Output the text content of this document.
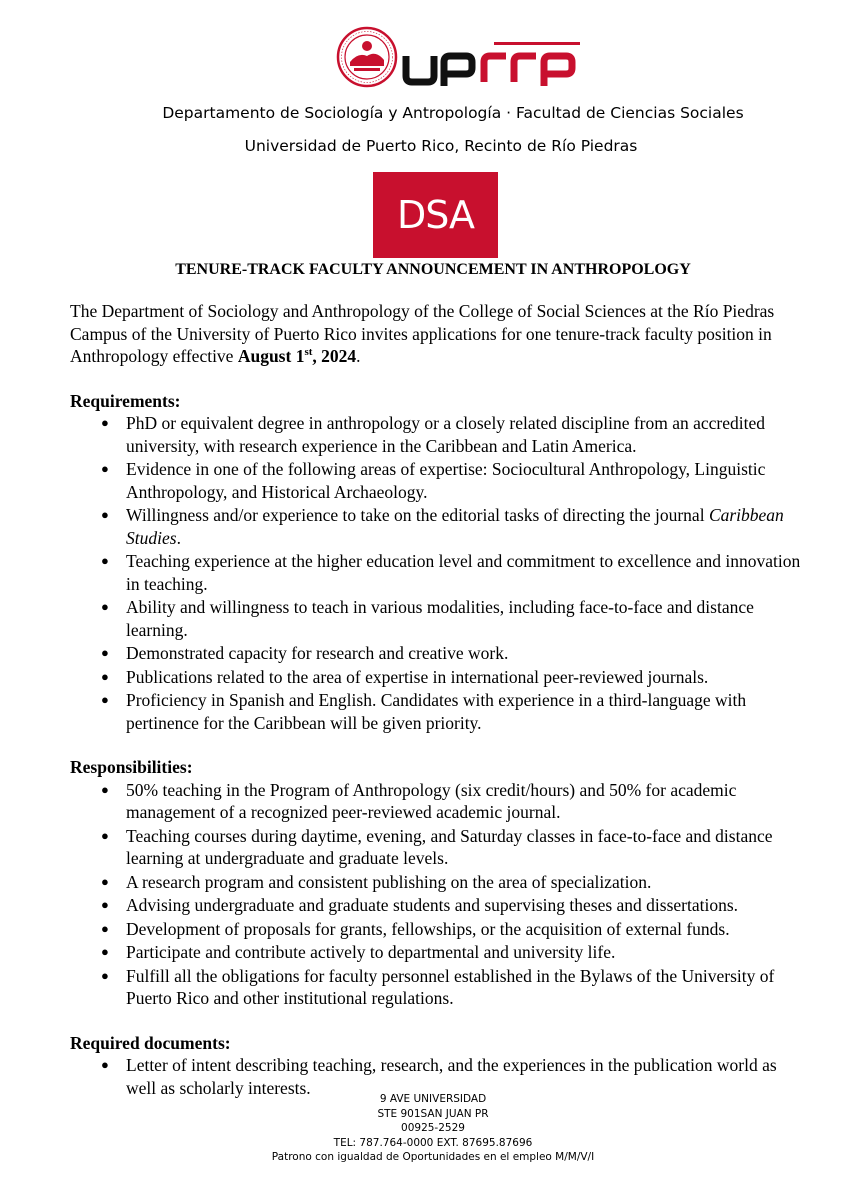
Departamento de Sociología y Antropología · Facultad de Ciencias Sociales
Universidad de Puerto Rico, Recinto de Río Piedras
DSA
TENURE-TRACK FACULTY ANNOUNCEMENT IN ANTHROPOLOGY

The Department of Sociology and Anthropology of the College of Social Sciences at the Río Piedras Campus of the University of Puerto Rico invites applications for one tenure-track faculty position in Anthropology effective August 1st, 2024.

Requirements:

● PhD or equivalent degree in anthropology or a closely related discipline from an accredited university, with research experience in the Caribbean and Latin America.
● Evidence in one of the following areas of expertise: Sociocultural Anthropology, Linguistic Anthropology, and Historical Archaeology.
● Willingness and/or experience to take on the editorial tasks of directing the journal Caribbean Studies.
● Teaching experience at the higher education level and commitment to excellence and innovation in teaching.
● Ability and willingness to teach in various modalities, including face-to-face and distance learning.
● Demonstrated capacity for research and creative work.
● Publications related to the area of expertise in international peer-reviewed journals.
● Proficiency in Spanish and English. Candidates with experience in a third-language with pertinence for the Caribbean will be given priority.

Responsibilities:

● 50% teaching in the Program of Anthropology (six credit/hours) and 50% for academic management of a recognized peer-reviewed academic journal.
● Teaching courses during daytime, evening, and Saturday classes in face-to-face and distance learning at undergraduate and graduate levels.
● A research program and consistent publishing on the area of specialization.
● Advising undergraduate and graduate students and supervising theses and dissertations.
● Development of proposals for grants, fellowships, or the acquisition of external funds.
● Participate and contribute actively to departmental and university life.
● Fulfill all the obligations for faculty personnel established in the Bylaws of the University of Puerto Rico and other institutional regulations.

Required documents:

● Letter of intent describing teaching, research, and the experiences in the publication world as well as scholarly interests.
9 AVE UNIVERSIDAD
STE 901SAN JUAN PR
00925-2529
TEL: 787.764-0000 EXT. 87695.87696
Patrono con igualdad de Oportunidades en el empleo M/M/V/I
